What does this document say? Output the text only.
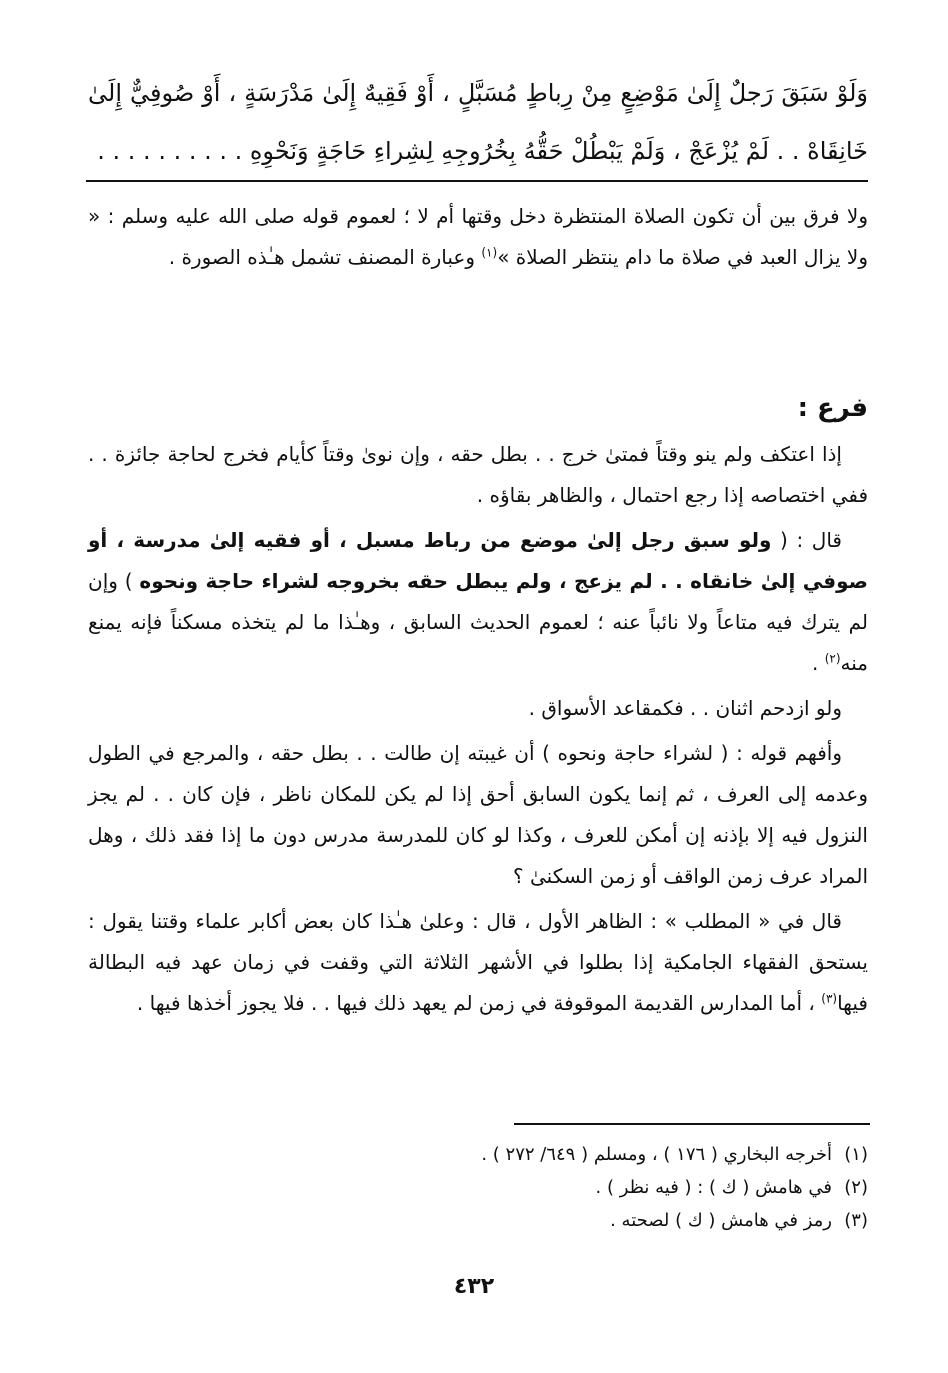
وَلَوْ سَبَقَ رَجلٌ إِلَىٰ مَوْضِعٍ مِنْ رِباطٍ مُسَبَّلٍ ، أَوْ فَقِيهٌ إِلَىٰ مَدْرَسَةٍ ، أَوْ صُوفِيٌّ إِلَىٰ خَانِقَاهْ . . لَمْ يُزْعَجْ ، وَلَمْ يَبْطُلْ حَقُّهُ بِخُرُوجِهِ لِشِراءِ حَاجَةٍ وَنَحْوِهِ . . . . . . . . . .
ولا فرق بين أن تكون الصلاة المنتظرة دخل وقتها أم لا ؛ لعموم قوله صلى الله عليه وسلم : « ولا يزال العبد في صلاة ما دام ينتظر الصلاة »$^{(١)}$ وعبارة المصنف تشمل هـٰذه الصورة .
فرع :

إذا اعتكف ولم ينو وقتاً فمتىٰ خرج . . بطل حقه ، وإن نوىٰ وقتاً كأيام فخرج لحاجة جائزة . . ففي اختصاصه إذا رجع احتمال ، والظاهر بقاؤه .

قال : ( ولو سبق رجل إلىٰ موضع من رباط مسبل ، أو فقيه إلىٰ مدرسة ، أو صوفي إلىٰ خانقاه . . لم يزعج ، ولم يبطل حقه بخروجه لشراء حاجة ونحوه ) وإن لم يترك فيه متاعاً ولا نائباً عنه ؛ لعموم الحديث السابق ، وهـٰذا ما لم يتخذه مسكناً فإنه يمنع منه$^{(٢)}$ .

ولو ازدحم اثنان . . فكمقاعد الأسواق .

وأفهم قوله : ( لشراء حاجة ونحوه ) أن غيبته إن طالت . . بطل حقه ، والمرجع في الطول وعدمه إلى العرف ، ثم إنما يكون السابق أحق إذا لم يكن للمكان ناظر ، فإن كان . . لم يجز النزول فيه إلا بإذنه إن أمكن للعرف ، وكذا لو كان للمدرسة مدرس دون ما إذا فقد ذلك ، وهل المراد عرف زمن الواقف أو زمن السكنىٰ ؟

قال في « المطلب » : الظاهر الأول ، قال : وعلىٰ هـٰذا كان بعض أكابر علماء وقتنا يقول : يستحق الفقهاء الجامكية إذا بطلوا في الأشهر الثلاثة التي وقفت في زمان عهد فيه البطالة فيها$^{(٣)}$ ، أما المدارس القديمة الموقوفة في زمن لم يعهد ذلك فيها . . فلا يجوز أخذها فيها .

(١)أخرجه البخاري ( ١٧٦ ) ، ومسلم ( ٦٤٩/ ٢٧٢ ) .

(٢)في هامش ( ك ) : ( فيه نظر ) .

(٣)رمز في هامش ( ك ) لصحته .

٤٣٢
